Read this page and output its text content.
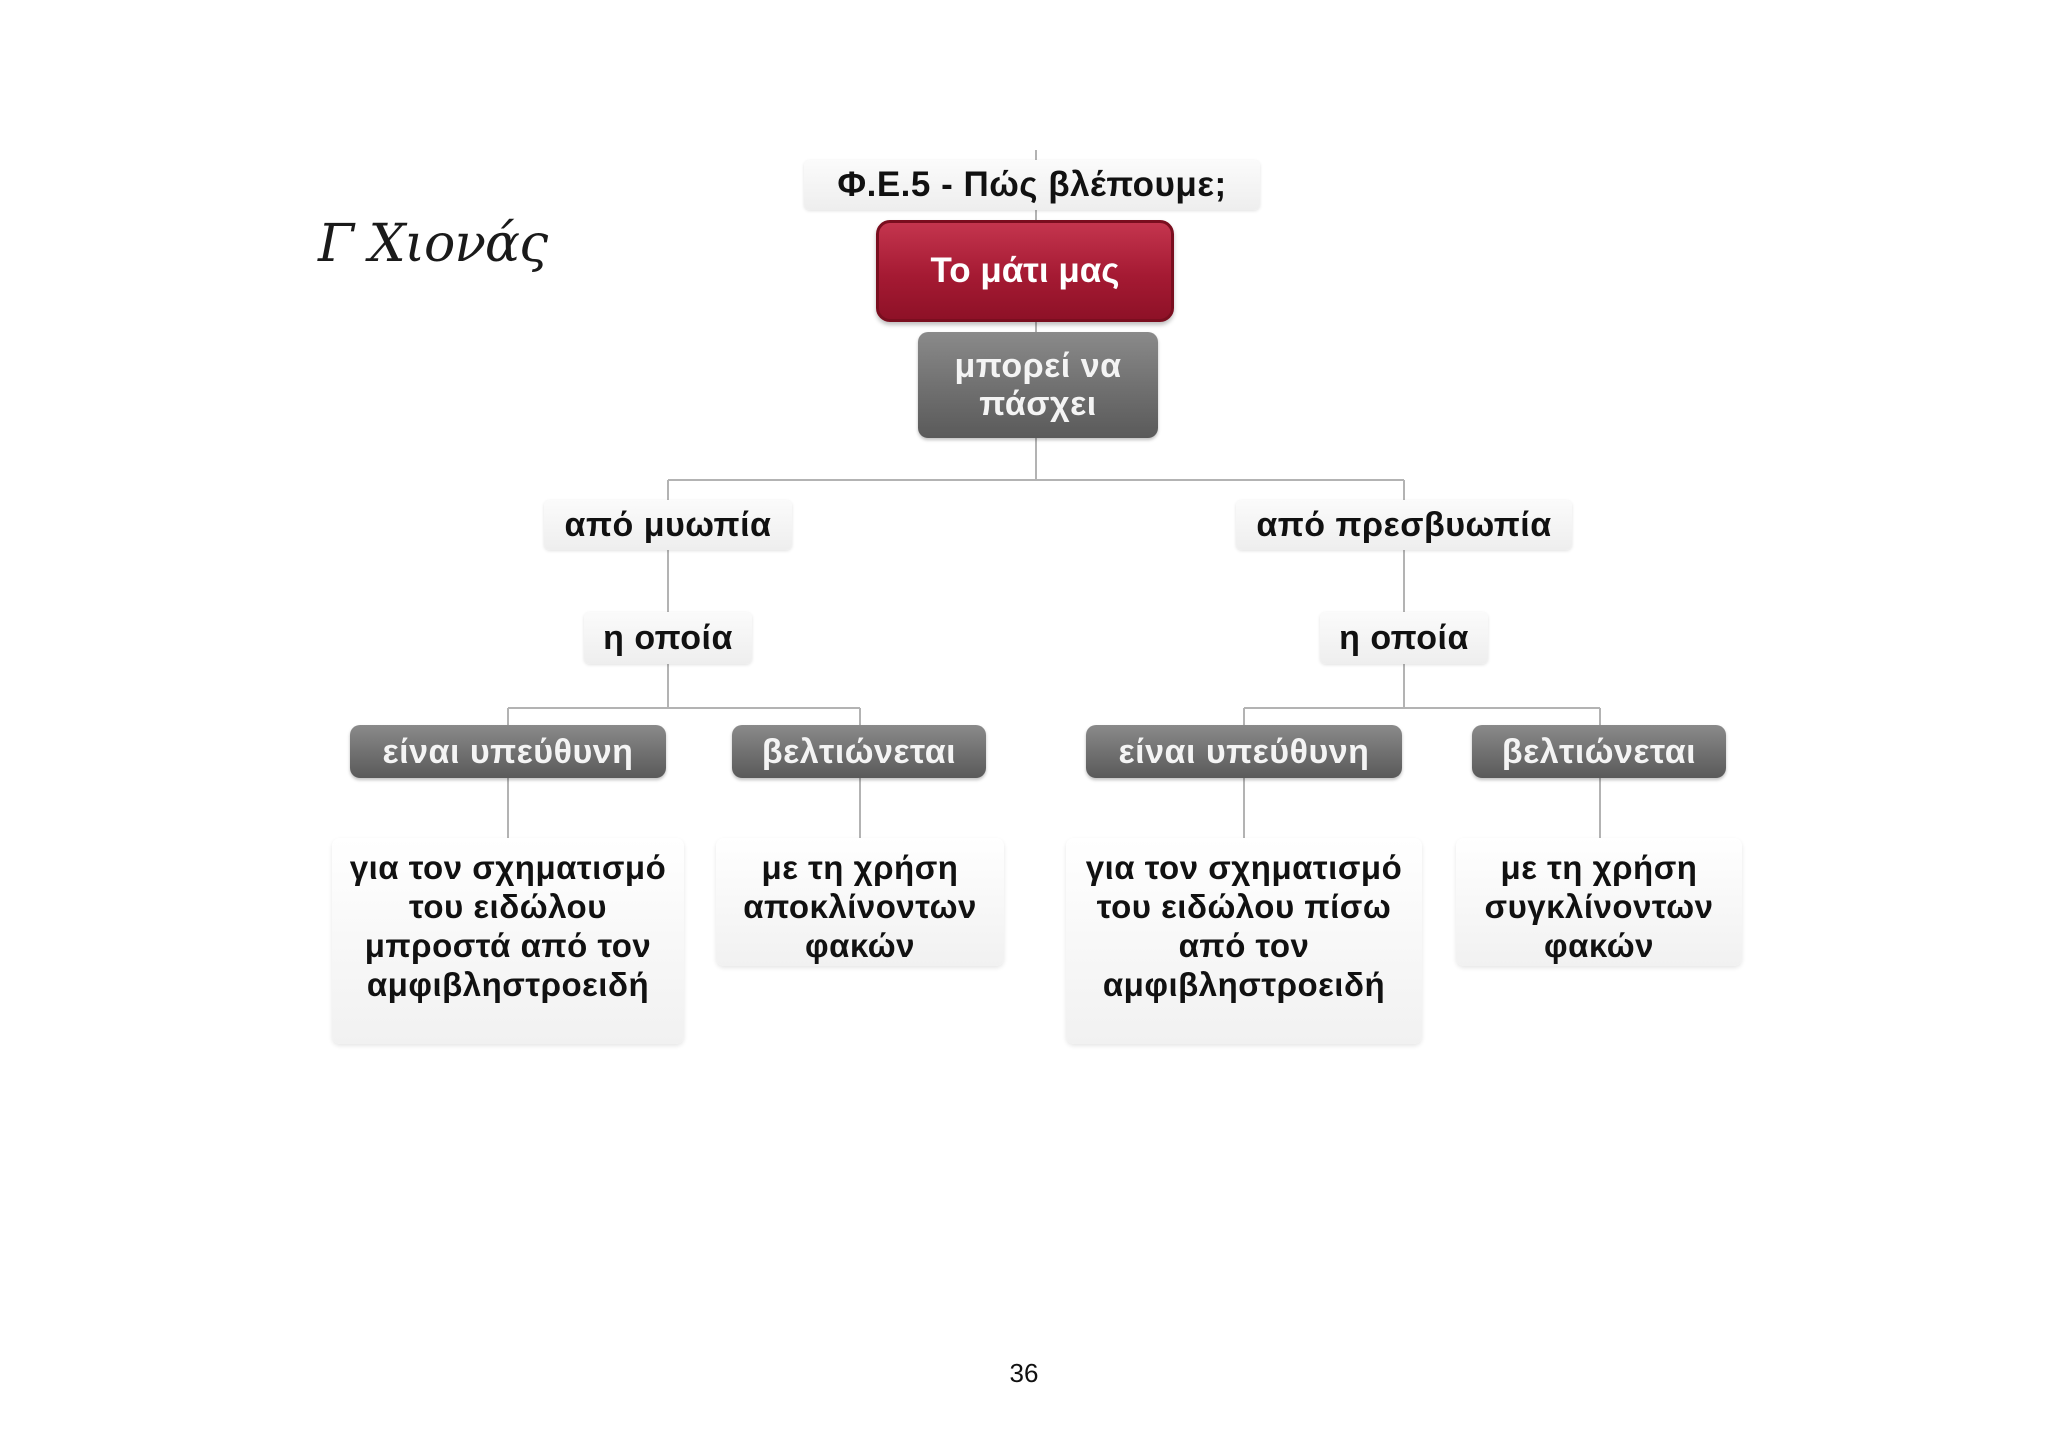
Γ Χιονάς
Φ.Ε.5 - Πώς βλέπουμε;
Το μάτι μας
μπορεί να πάσχει
από μυωπία
η οποία
είναι υπεύθυνη	βελτιώνεται
για τον σχηματισμό του ειδώλου μπροστά από τον αμφιβληστροειδή
με τη χρήση αποκλίνοντων φακών
από πρεσβυωπία
η οποία
είναι υπεύθυνη	βελτιώνεται
για τον σχηματισμό του ειδώλου πίσω από τον αμφιβληστροειδή
με τη χρήση συγκλίνοντων φακών
36
